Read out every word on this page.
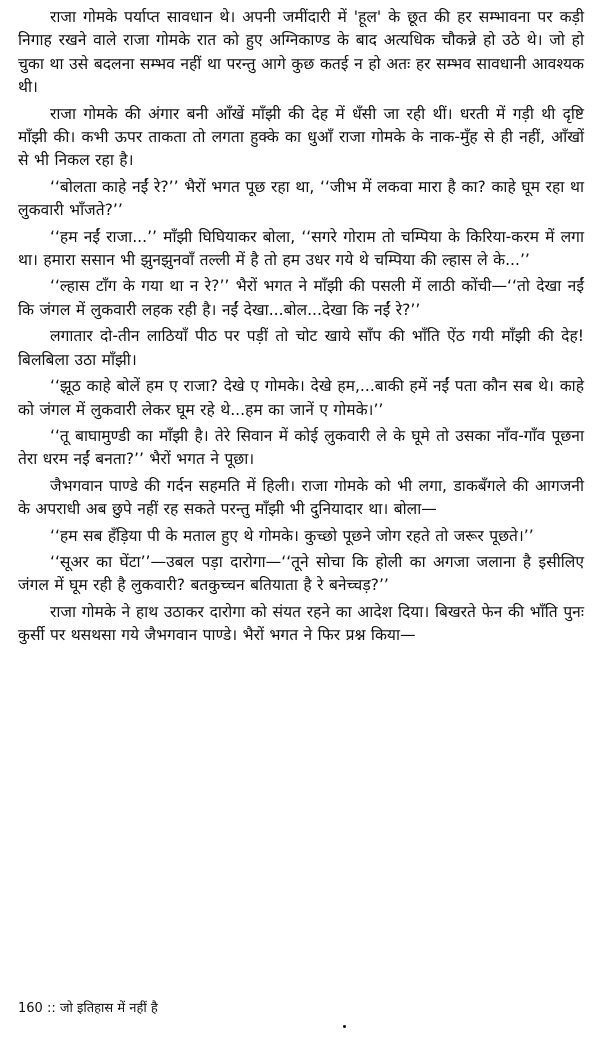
राजा गोमके पर्याप्त सावधान थे। अपनी जमींदारी में 'हूल' के छूत की हर सम्भावना पर कड़ी निगाह रखने वाले राजा गोमके रात को हुए अग्निकाण्ड के बाद अत्यधिक चौकन्ने हो उठे थे। जो हो चुका था उसे बदलना सम्भव नहीं था परन्तु आगे कुछ कतई न हो अतः हर सम्भव सावधानी आवश्यक थी।

राजा गोमके की अंगार बनी आँखें माँझी की देह में धँसी जा रही थीं। धरती में गड़ी थी दृष्टि माँझी की। कभी ऊपर ताकता तो लगता हुक्के का धुआँ राजा गोमके के नाक-मुँह से ही नहीं, आँखों से भी निकल रहा है।

‘‘बोलता काहे नईं रे?’’ भैरों भगत पूछ रहा था, ‘‘जीभ में लकवा मारा है का? काहे घूम रहा था लुकवारी भाँजते?’’

‘‘हम नईं राजा...’’ माँझी घिघियाकर बोला, ‘‘सगरे गोराम तो चम्पिया के किरिया-करम में लगा था। हमारा ससान भी झुनझुनवाँ तल्ली में है तो हम उधर गये थे चम्पिया की ल्हास ले के...’’

‘‘ल्हास टाँग के गया था न रे?’’ भैरों भगत ने माँझी की पसली में लाठी कोंची—‘‘तो देखा नईं कि जंगल में लुकवारी लहक रही है। नईं देखा...बोल...देखा कि नईं रे?’’

लगातार दो-तीन लाठियाँ पीठ पर पड़ीं तो चोट खाये साँप की भाँति ऐंठ गयी माँझी की देह! बिलबिला उठा माँझी।

‘‘झूठ काहे बोलें हम ए राजा? देखे ए गोमके। देखे हम,...बाकी हमें नईं पता कौन सब थे। काहे को जंगल में लुकवारी लेकर घूम रहे थे...हम का जानें ए गोमके।’’

‘‘तू बाघामुण्डी का माँझी है। तेरे सिवान में कोई लुकवारी ले के घूमे तो उसका नाँव-गाँव पूछना तेरा धरम नईं बनता?’’ भैरों भगत ने पूछा।

जैभगवान पाण्डे की गर्दन सहमति में हिली। राजा गोमके को भी लगा, डाकबँगले की आगजनी के अपराधी अब छुपे नहीं रह सकते परन्तु माँझी भी दुनियादार था। बोला—

‘‘हम सब हँड़िया पी के मताल हुए थे गोमके। कुच्छो पूछने जोग रहते तो जरूर पूछते।’’

‘‘सूअर का घेंटा’’—उबल पड़ा दारोगा—‘‘तूने सोचा कि होली का अगजा जलाना है इसीलिए जंगल में घूम रही है लुकवारी? बतकुच्चन बतियाता है रे बनेच्चड़?’’

राजा गोमके ने हाथ उठाकर दारोगा को संयत रहने का आदेश दिया। बिखरते फेन की भाँति पुनः कुर्सी पर थसथसा गये जैभगवान पाण्डे। भैरों भगत ने फिर प्रश्न किया—

160 :: जो इतिहास में नहीं है
